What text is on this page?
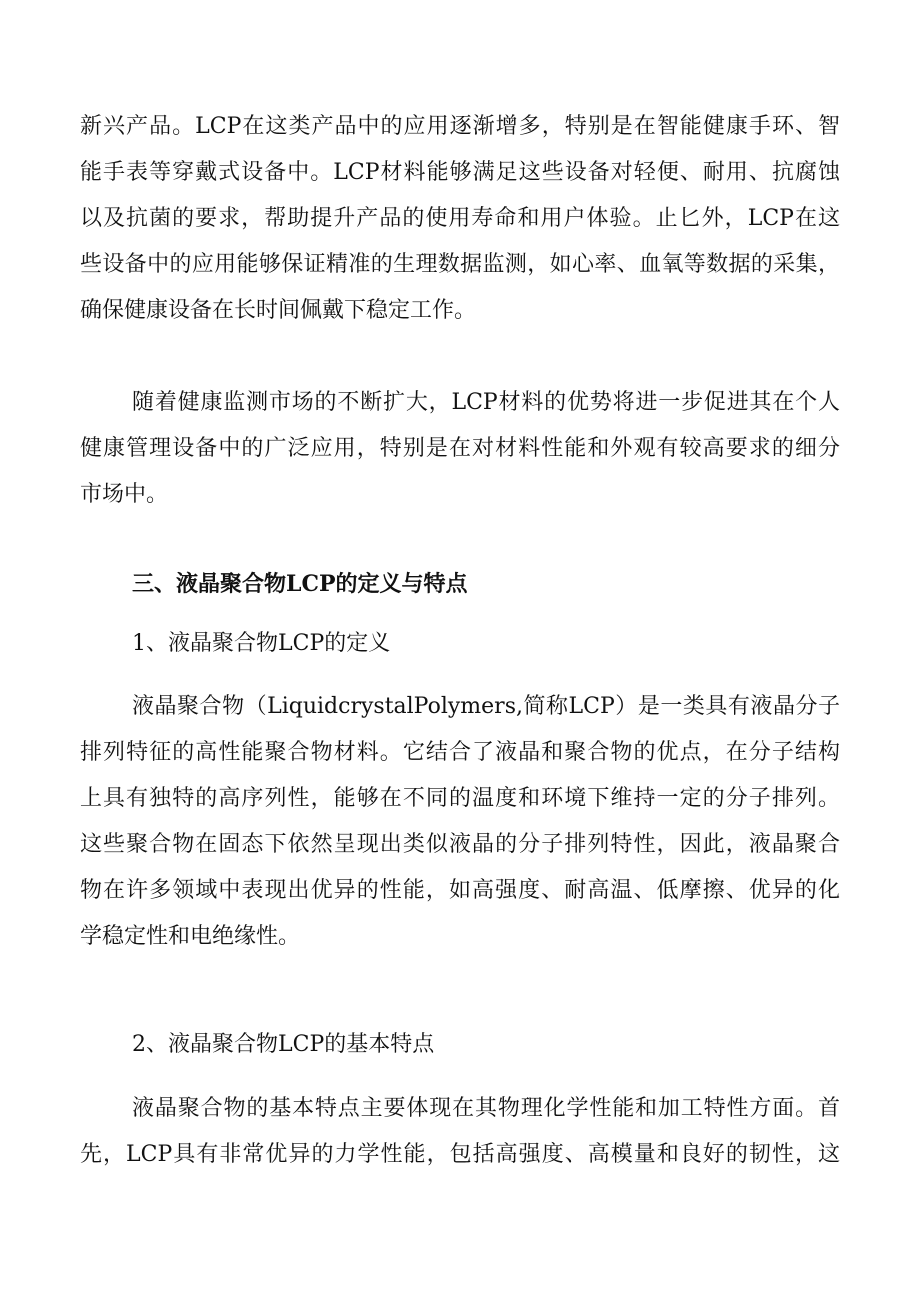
新兴产品。LCP在这类产品中的应用逐渐增多，特别是在智能健康手环、智
能手表等穿戴式设备中。LCP材料能够满足这些设备对轻便、耐用、抗腐蚀
以及抗菌的要求，帮助提升产品的使用寿命和用户体验。止匕外，LCP在这
些设备中的应用能够保证精准的生理数据监测，如心率、血氧等数据的采集，
确保健康设备在长时间佩戴下稳定工作。
随着健康监测市场的不断扩大，LCP材料的优势将进一步促进其在个人
健康管理设备中的广泛应用，特别是在对材料性能和外观有较高要求的细分
市场中。
三、液晶聚合物LCP的定义与特点
1、液晶聚合物LCP的定义
液晶聚合物（LiquidcrystalPolymers,简称LCP）是一类具有液晶分子
排列特征的高性能聚合物材料。它结合了液晶和聚合物的优点，在分子结构
上具有独特的高序列性，能够在不同的温度和环境下维持一定的分子排列。
这些聚合物在固态下依然呈现出类似液晶的分子排列特性，因此，液晶聚合
物在许多领域中表现出优异的性能，如高强度、耐高温、低摩擦、优异的化
学稳定性和电绝缘性。
2、液晶聚合物LCP的基本特点
液晶聚合物的基本特点主要体现在其物理化学性能和加工特性方面。首
先，LCP具有非常优异的力学性能，包括高强度、高模量和良好的韧性，这
